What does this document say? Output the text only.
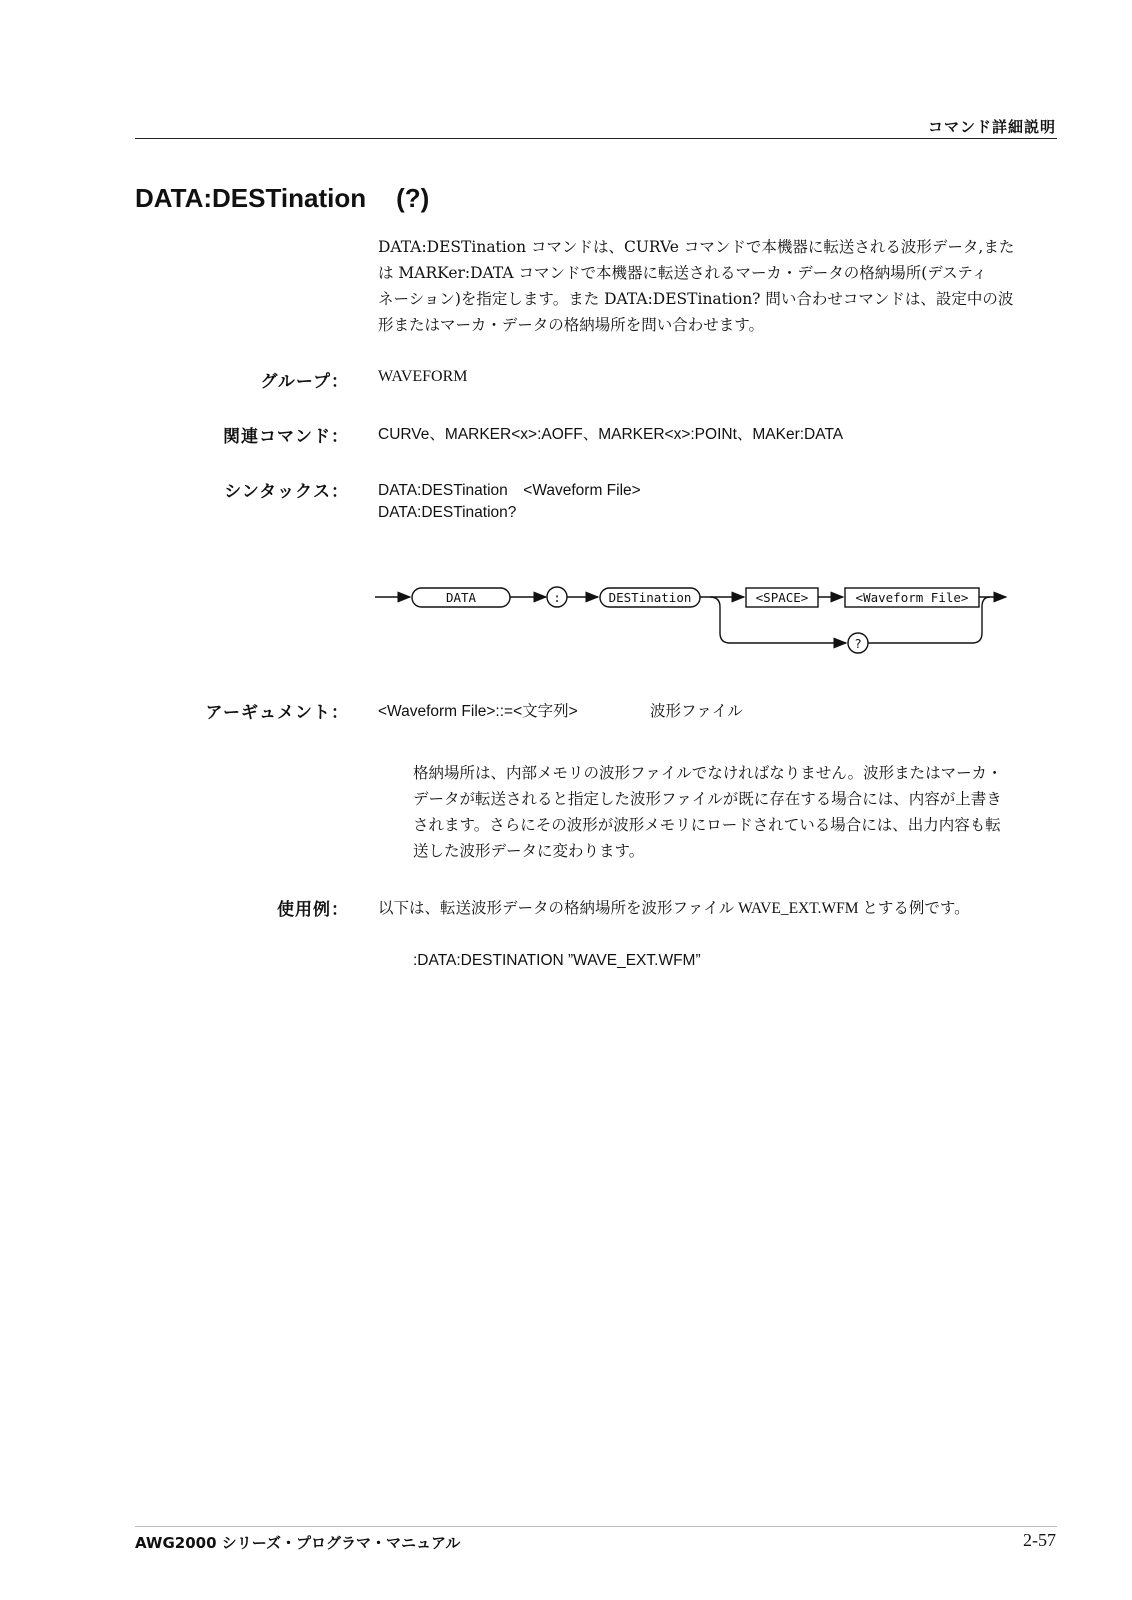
コマンド詳細説明
DATA:DESTination (?)
DATA:DESTination コマンドは、CURVe コマンドで本機器に転送される波形データ,また
は MARKer:DATA コマンドで本機器に転送されるマーカ・データの格納場所(デスティ
ネーション)を指定します。また DATA:DESTination? 問い合わせコマンドは、設定中の波
形またはマーカ・データの格納場所を問い合わせます。
グループ： WAVEFORM
関連コマンド： CURVe、MARKER<x>:AOFF、MARKER<x>:POINt、MAKer:DATA
シンタックス： DATA:DESTination　<Waveform File>
DATA:DESTination?
DATA	:	DESTination	<SPACE>	<Waveform File>
?
アーギュメント： <Waveform File>::=<文字列>	波形ファイル
格納場所は、内部メモリの波形ファイルでなければなりません。波形またはマーカ・
データが転送されると指定した波形ファイルが既に存在する場合には、内容が上書き
されます。さらにその波形が波形メモリにロードされている場合には、出力内容も転
送した波形データに変わります。
使用例： 以下は、転送波形データの格納場所を波形ファイル WAVE_EXT.WFM とする例です。
:DATA:DESTINATION ”WAVE_EXT.WFM”
AWG2000 シリーズ・プログラマ・マニュアル	2-57
